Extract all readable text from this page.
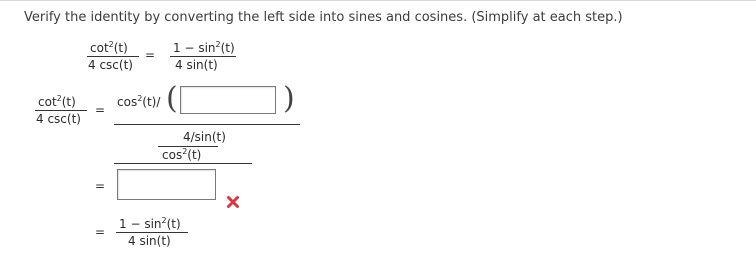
Verify the identity by converting the left side into sines and cosines. (Simplify at each step.)
$\cot^2(t)$
4 csc(t)
= $1 - \sin^2(t)$
4 sin(t)
$\cot^2(t)$
4 csc(t)
=
$\cos^2(t)/$ (	)
4/sin(t)
$\cos^2(t)$
=
=
$1 - \sin^2(t)$
4 sin(t)
